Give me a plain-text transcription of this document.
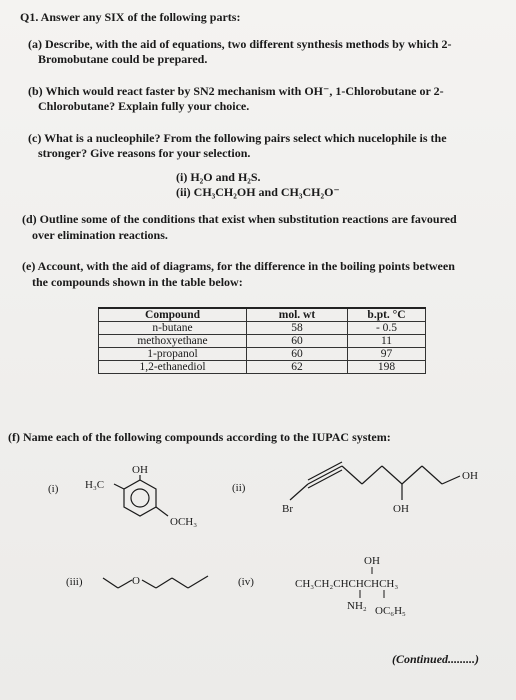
Q1. Answer any SIX of the following parts:
(a) Describe, with the aid of equations, two different synthesis methods by which 2-
Bromobutane could be prepared.
(b) Which would react faster by SN2 mechanism with OH⁻, 1-Chlorobutane or 2-
Chlorobutane? Explain fully your choice.
(c) What is a nucleophile? From the following pairs select which nucelophile is the
stronger? Give reasons for your selection.
(i) H₂O and H₂S.
(ii) CH₃CH₂OH and CH₃CH₂O⁻
(d) Outline some of the conditions that exist when substitution reactions are favoured
over elimination reactions.
(e) Account, with the aid of diagrams, for the difference in the boiling points between
the compounds shown in the table below:
Compound	mol. wt	b.pt. °C
n-butane	58	- 0.5
methoxyethane	60	11
1-propanol	60	97
1,2-ethanediol	62	198
(f) Name each of the following compounds according to the IUPAC system:
(i) H₃C
OH
OCH₃
(ii)
Br	OH
OH
(iii)	O	(iv)
OH
CH₃CH₂CHCHCHCH₃
NH₂ OC₆H₅
(Continued.........)
